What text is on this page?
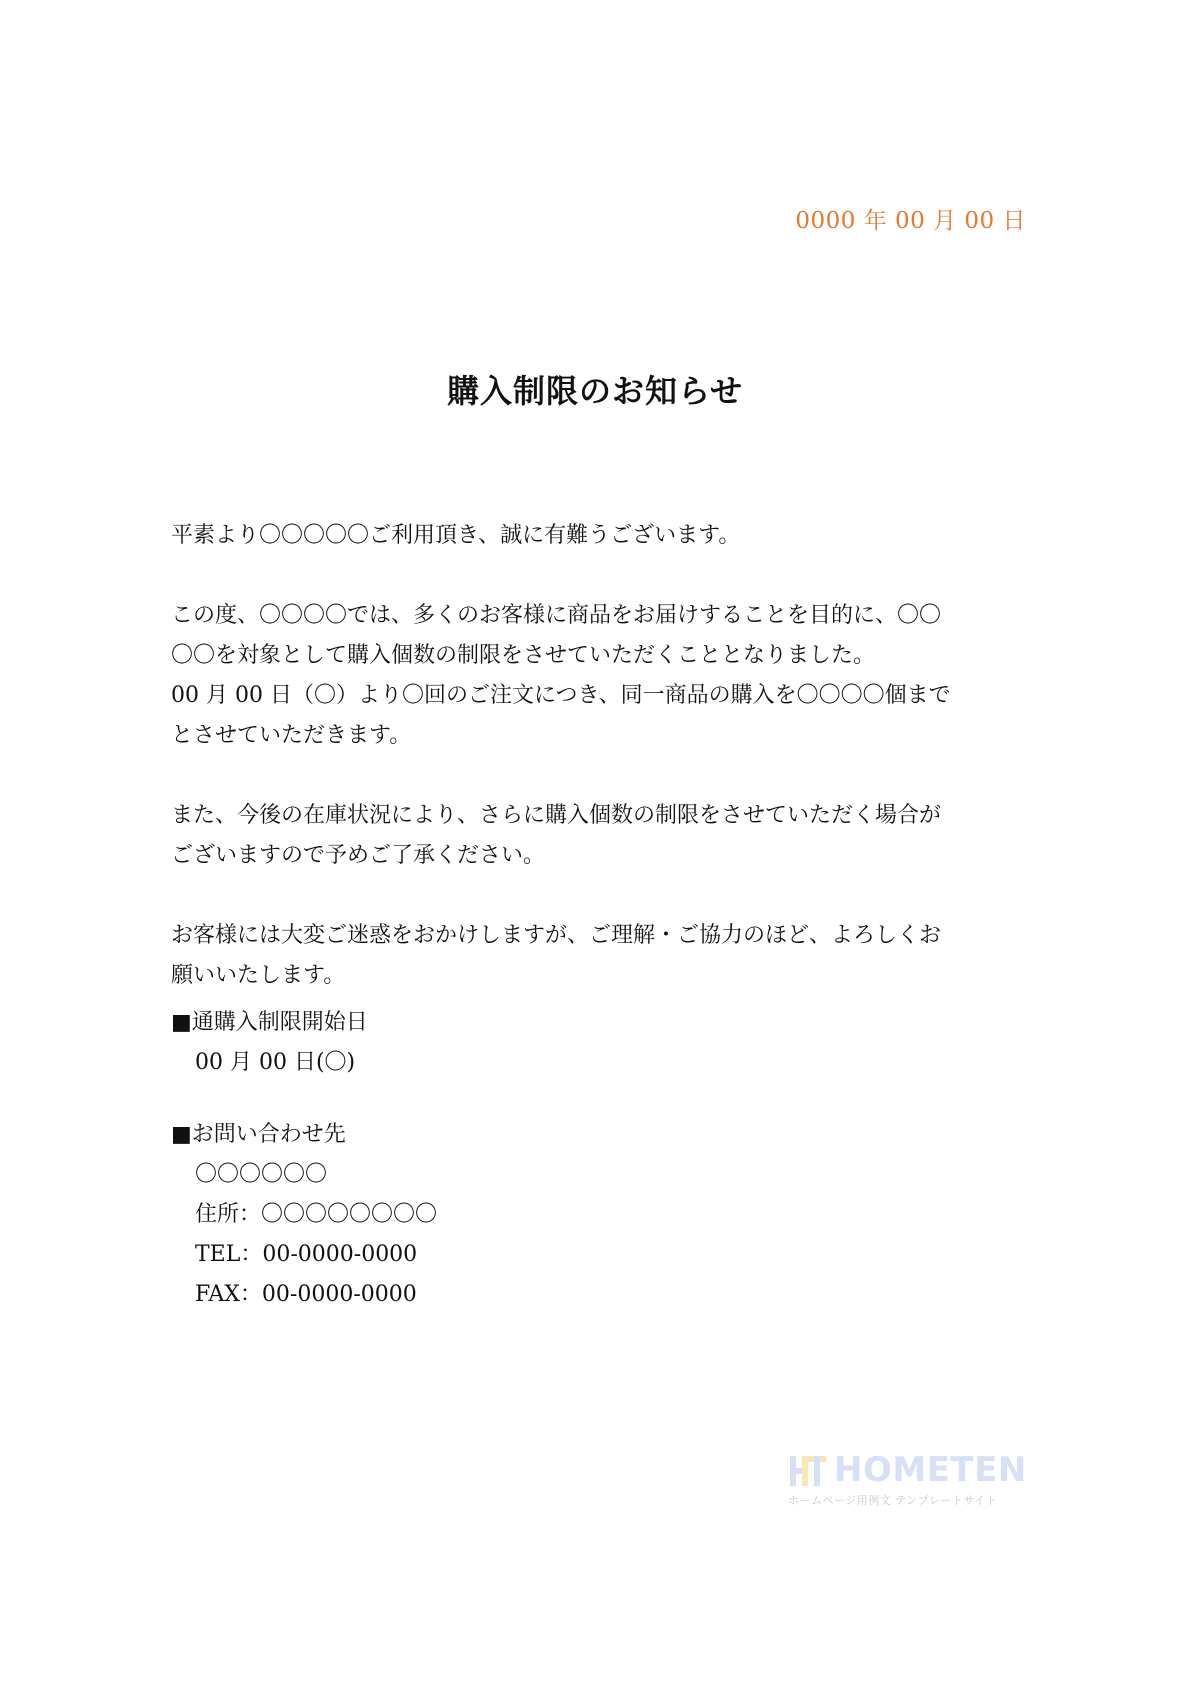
0000 年 00 月 00 日
購入制限のお知らせ

平素より〇〇〇〇〇ご利用頂き、誠に有難うございます。

この度、〇〇〇〇では、多くのお客様に商品をお届けすることを目的に、〇〇
〇〇を対象として購入個数の制限をさせていただくこととなりました。
00 月 00 日（〇）より〇回のご注文につき、同一商品の購入を〇〇〇〇個まで
とさせていただきます。

また、今後の在庫状況により、さらに購入個数の制限をさせていただく場合が
ございますので予めご了承ください。

お客様には大変ご迷惑をおかけしますが、ご理解・ご協力のほど、よろしくお
願いいたします。

■通購入制限開始日
00 月 00 日(〇)
■お問い合わせ先
〇〇〇〇〇〇
住所：〇〇〇〇〇〇〇〇
TEL：00-0000-0000
FAX：00-0000-0000
HOMETEN
ホームページ用例文 テンプレートサイト
